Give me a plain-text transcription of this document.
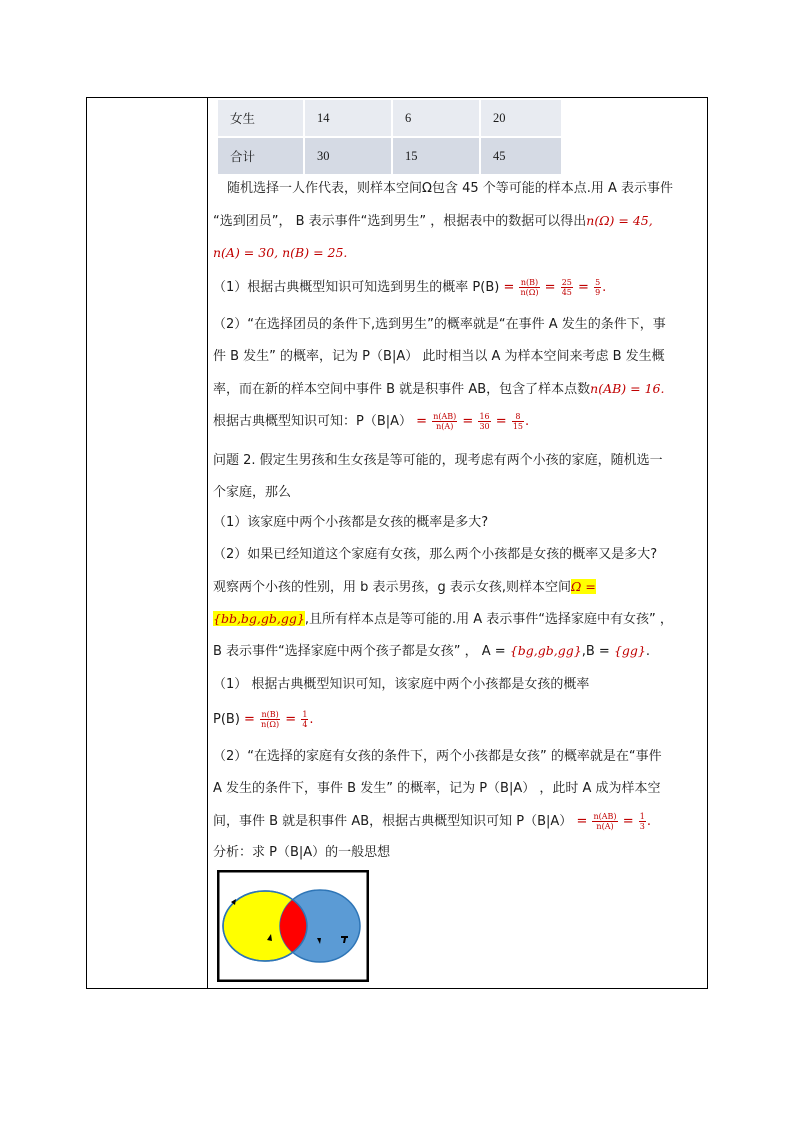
女生	14	6	20
合计	30	15	45
随机选择一人作代表，则样本空间Ω包含 45 个等可能的样本点.用 A 表示事件
“选到团员”， B 表示事件“选到男生” ，根据表中的数据可以得出n(Ω) = 45,
n(A) = 30, n(B) = 25.
（1）根据古典概型知识可知选到男生的概率 $P(B) = \frac{n(B)}{n(\Omega)} = \frac{25}{45} = \frac{5}{9}$ .
（2）“在选择团员的条件下,选到男生”的概率就是“在事件 A 发生的条件下，事
件 B 发生” 的概率，记为 P（B|A） 此时相当以 A 为样本空间来考虑 B 发生概
率，而在新的样本空间中事件 B 就是积事件 AB，包含了样本点数n(AB) = 16.
根据古典概型知识可知：$P(B|A) = \frac{n(AB)}{n(A)} = \frac{16}{30} = \frac{8}{15}$ .
问题 2. 假定生男孩和生女孩是等可能的，现考虑有两个小孩的家庭，随机选一
个家庭，那么
（1）该家庭中两个小孩都是女孩的概率是多大?
（2）如果已经知道这个家庭有女孩，那么两个小孩都是女孩的概率又是多大?
观察两个小孩的性别，用 b 表示男孩，g 表示女孩,则样本空间Ω =
{bb,bg,gb,gg},且所有样本点是等可能的.用 A 表示事件“选择家庭中有女孩” ，
B 表示事件“选择家庭中两个孩子都是女孩” ， A = {bg,gb,gg},B = {gg}.
（1） 根据古典概型知识可知，该家庭中两个小孩都是女孩的概率
$P(B) = \frac{n(B)}{n(\Omega)} = \frac{1}{4}$ .
（2）“在选择的家庭有女孩的条件下，两个小孩都是女孩” 的概率就是在“事件
A 发生的条件下，事件 B 发生” 的概率，记为 P（B|A） ，此时 A 成为样本空
间，事件 B 就是积事件 AB，根据古典概型知识可知 $P(B|A) = \frac{n(AB)}{n(A)} = \frac{1}{3}$ .
分析：求 P（B|A）的一般思想
